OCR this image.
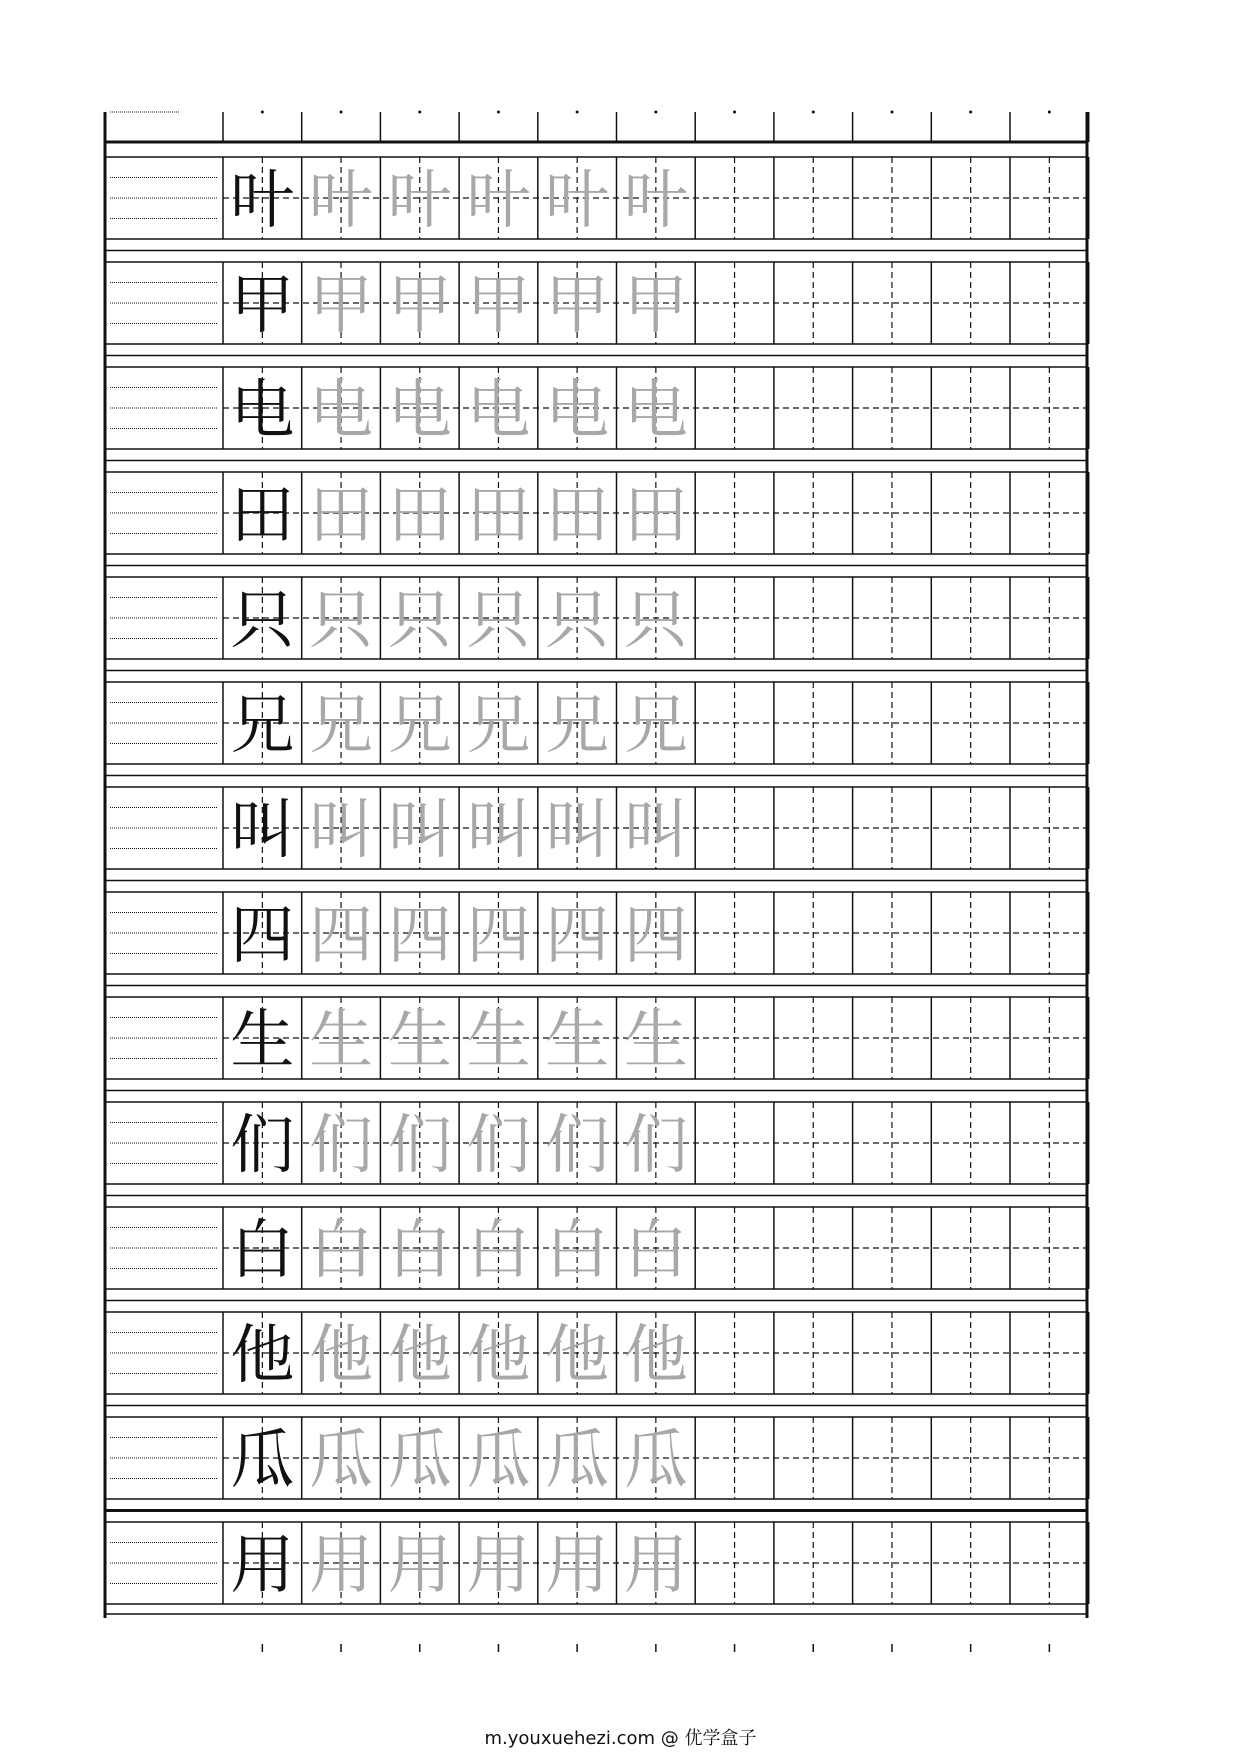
叶 叶 叶 叶 叶 叶
甲 甲 甲 甲 甲 甲
电 电 电 电 电 电
田 田 田 田 田 田
只 只 只 只 只 只
兄 兄 兄 兄 兄 兄
叫 叫 叫 叫 叫 叫
四 四 四 四 四 四
生 生 生 生 生 生
们 们 们 们 们 们
白 白 白 白 白 白
他 他 他 他 他 他
瓜 瓜 瓜 瓜 瓜 瓜
用 用 用 用 用 用
m.youxuehezi.com @ 优学盒子
